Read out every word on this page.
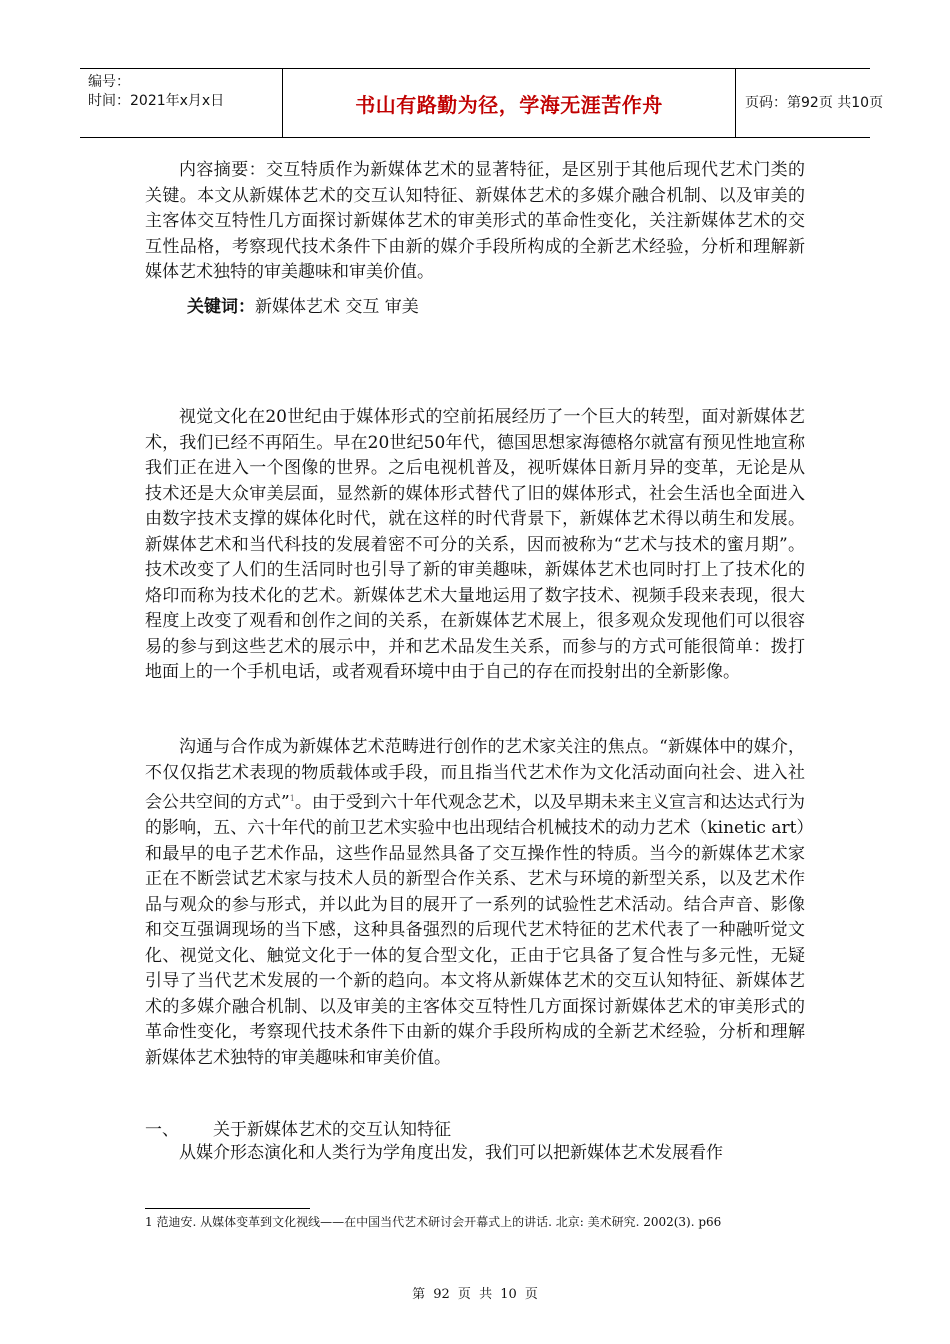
编号：
时间：2021年x月x日	书山有路勤为径，学海无涯苦作舟	页码：第92页 共10页

内容摘要：交互特质作为新媒体艺术的显著特征，是区别于其他后现代艺术门类的关键。本文从新媒体艺术的交互认知特征、新媒体艺术的多媒介融合机制、以及审美的主客体交互特性几方面探讨新媒体艺术的审美形式的革命性变化，关注新媒体艺术的交互性品格，考察现代技术条件下由新的媒介手段所构成的全新艺术经验，分析和理解新媒体艺术独特的审美趣味和审美价值。

关键词：新媒体艺术 交互 审美

视觉文化在20世纪由于媒体形式的空前拓展经历了一个巨大的转型，面对新媒体艺术，我们已经不再陌生。早在20世纪50年代，德国思想家海德格尔就富有预见性地宣称我们正在进入一个图像的世界。之后电视机普及，视听媒体日新月异的变革，无论是从技术还是大众审美层面，显然新的媒体形式替代了旧的媒体形式，社会生活也全面进入由数字技术支撑的媒体化时代，就在这样的时代背景下，新媒体艺术得以萌生和发展。新媒体艺术和当代科技的发展着密不可分的关系，因而被称为“艺术与技术的蜜月期”。技术改变了人们的生活同时也引导了新的审美趣味，新媒体艺术也同时打上了技术化的烙印而称为技术化的艺术。新媒体艺术大量地运用了数字技术、视频手段来表现，很大程度上改变了观看和创作之间的关系，在新媒体艺术展上，很多观众发现他们可以很容易的参与到这些艺术的展示中，并和艺术品发生关系，而参与的方式可能很简单：拨打地面上的一个手机电话，或者观看环境中由于自己的存在而投射出的全新影像。

沟通与合作成为新媒体艺术范畴进行创作的艺术家关注的焦点。“新媒体中的媒介，不仅仅指艺术表现的物质载体或手段，而且指当代艺术作为文化活动面向社会、进入社会公共空间的方式”$^1$。由于受到六十年代观念艺术，以及早期未来主义宣言和达达式行为的影响，五、六十年代的前卫艺术实验中也出现结合机械技术的动力艺术（kinetic art）和最早的电子艺术作品，这些作品显然具备了交互操作性的特质。当今的新媒体艺术家正在不断尝试艺术家与技术人员的新型合作关系、艺术与环境的新型关系，以及艺术作品与观众的参与形式，并以此为目的展开了一系列的试验性艺术活动。结合声音、影像和交互强调现场的当下感，这种具备强烈的后现代艺术特征的艺术代表了一种融听觉文化、视觉文化、触觉文化于一体的复合型文化，正由于它具备了复合性与多元性，无疑引导了当代艺术发展的一个新的趋向。本文将从新媒体艺术的交互认知特征、新媒体艺术的多媒介融合机制、以及审美的主客体交互特性几方面探讨新媒体艺术的审美形式的革命性变化，考察现代技术条件下由新的媒介手段所构成的全新艺术经验，分析和理解新媒体艺术独特的审美趣味和审美价值。

一、 关于新媒体艺术的交互认知特征

从媒介形态演化和人类行为学角度出发，我们可以把新媒体艺术发展看作

1 范迪安. 从媒体变革到文化视线——在中国当代艺术研讨会开幕式上的讲话. 北京: 美术研究. 2002(3). p66
第 92 页 共 10 页
